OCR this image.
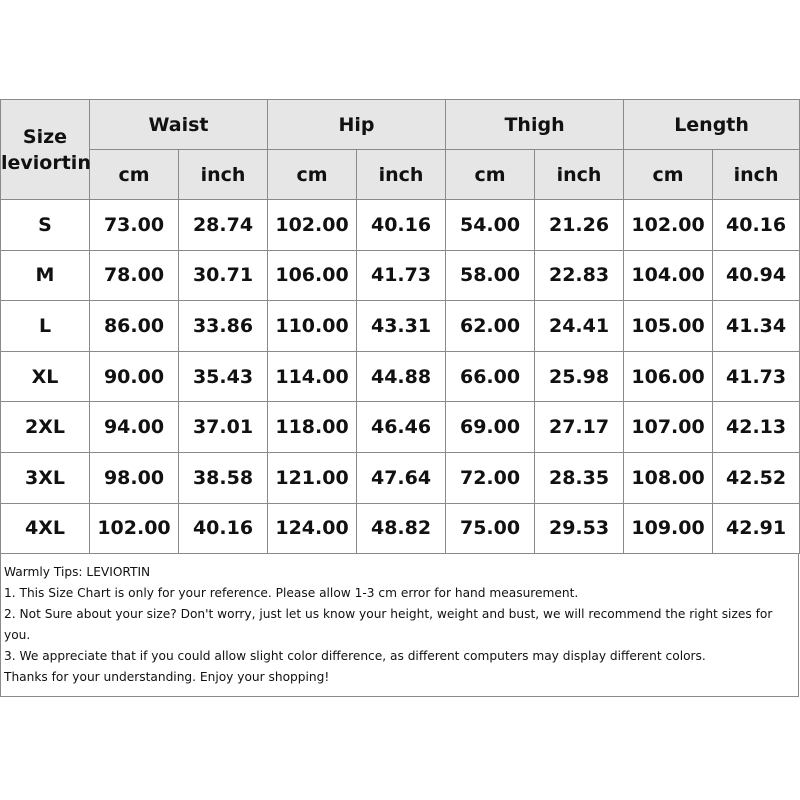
Size
leviortin	Waist		Hip		Thigh		Length	
	cm	inch	cm	inch	cm	inch	cm	inch
S	73.00	28.74	102.00	40.16	54.00	21.26	102.00	40.16
M	78.00	30.71	106.00	41.73	58.00	22.83	104.00	40.94
L	86.00	33.86	110.00	43.31	62.00	24.41	105.00	41.34
XL	90.00	35.43	114.00	44.88	66.00	25.98	106.00	41.73
2XL	94.00	37.01	118.00	46.46	69.00	27.17	107.00	42.13
3XL	98.00	38.58	121.00	47.64	72.00	28.35	108.00	42.52
4XL	102.00	40.16	124.00	48.82	75.00	29.53	109.00	42.91
Warmly Tips: LEVIORTIN
1. This Size Chart is only for your reference. Please allow 1-3 cm error for hand measurement.
2. Not Sure about your size? Don't worry, just let us know your height, weight and bust, we will recommend the right sizes for you.
3. We appreciate that if you could allow slight color difference, as different computers may display different colors.
Thanks for your understanding. Enjoy your shopping!
